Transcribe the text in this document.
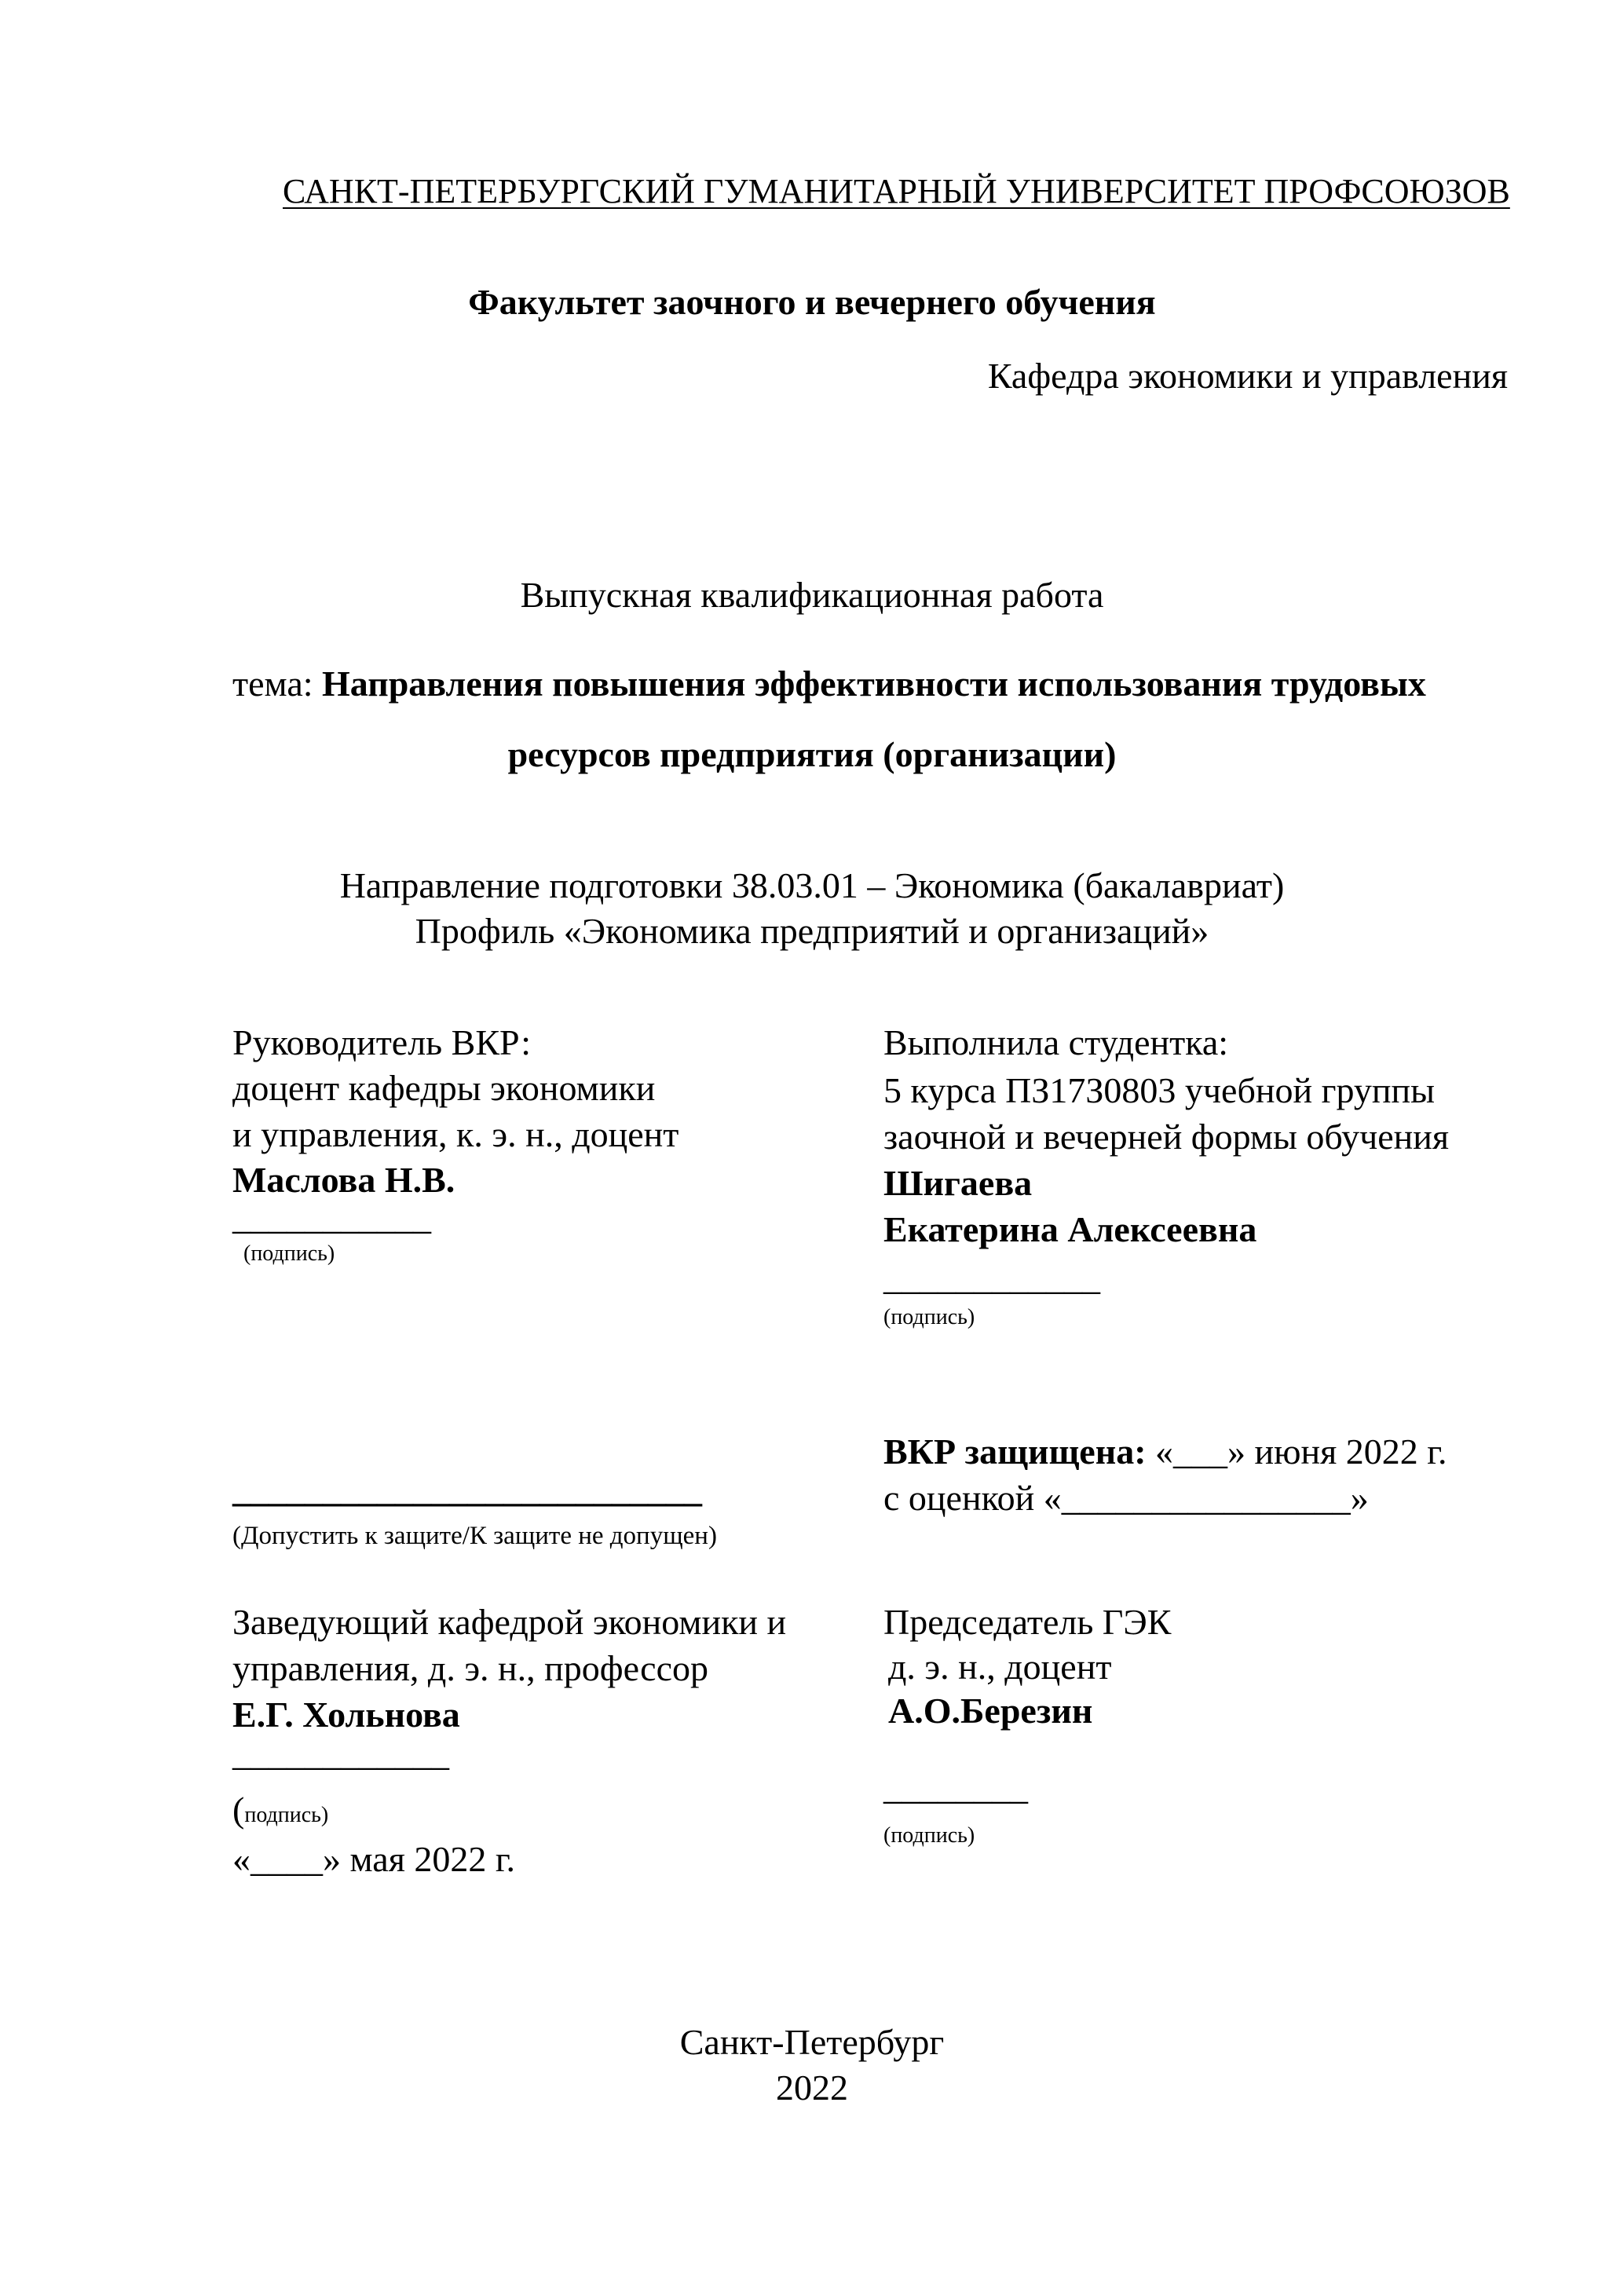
САНКТ-ПЕТЕРБУРГСКИЙ ГУМАНИТАРНЫЙ УНИВЕРСИТЕТ ПРОФСОЮЗОВ
Факультет заочного и вечернего обучения
Кафедра экономики и управления
Выпускная квалификационная работа
тема: Направления повышения эффективности использования трудовых
ресурсов предприятия (организации)
Направление подготовки 38.03.01 – Экономика (бакалавриат)
Профиль «Экономика предприятий и организаций»
Руководитель ВКР:
доцент кафедры экономики
и управления, к. э. н., доцент
Маслова Н.В.
___________
(подпись)
Выполнила студентка:
5 курса ПЗ17З0803 учебной группы
заочной и вечерней формы обучения
Шигаева
Екатерина Алексеевна
____________
(подпись)
__________________________
(Допустить к защите/К защите не допущен)
ВКР защищена: «___» июня 2022 г.
с оценкой «________________»
Заведующий кафедрой экономики и
управления, д. э. н., профессор
Е.Г. Хольнова
____________
(подпись)
«____» мая 2022 г.
Председатель ГЭК
д. э. н., доцент
А.О.Березин
________
(подпись)
Санкт-Петербург
2022
